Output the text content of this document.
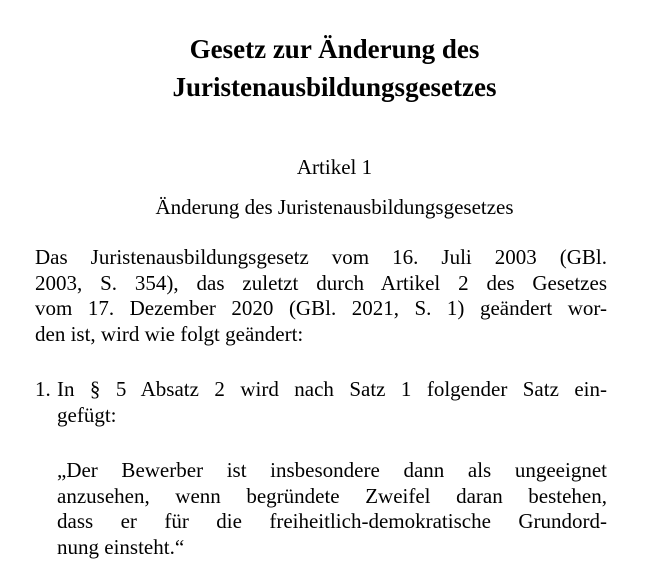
Gesetz zur Änderung des
Juristenausbildungsgesetzes

Artikel 1

Änderung des Juristenausbildungsgesetzes

Das Juristenausbildungsgesetz vom 16. Juli 2003 (GBl.
2003, S. 354), das zuletzt durch Artikel 2 des Gesetzes
vom 17. Dezember 2020 (GBl. 2021, S. 1) geändert wor-
den ist, wird wie folgt geändert:
1. In § 5 Absatz 2 wird nach Satz 1 folgender Satz ein-
gefügt:
„Der Bewerber ist insbesondere dann als ungeeignet
anzusehen, wenn begründete Zweifel daran bestehen,
dass er für die freiheitlich-demokratische Grundord-
nung einsteht.“
